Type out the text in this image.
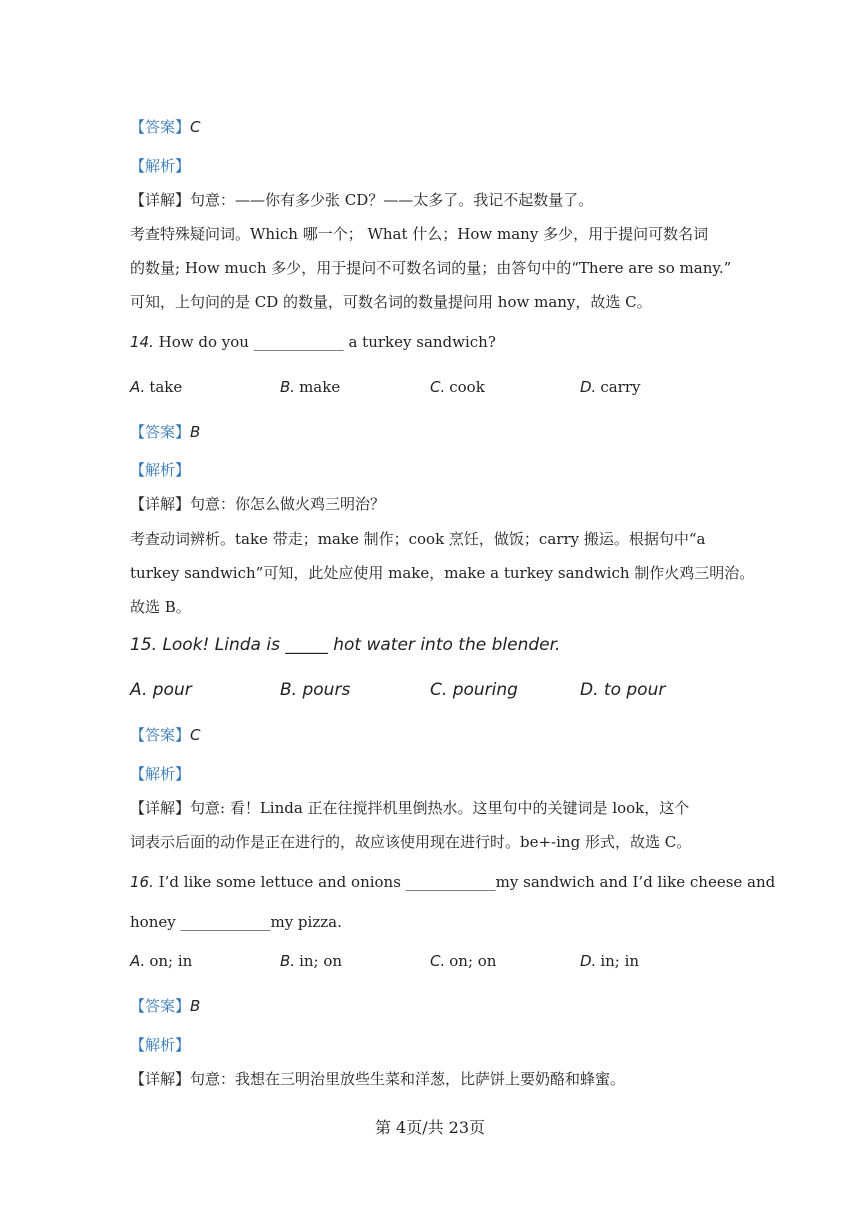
【答案】C
【解析】
【详解】句意：——你有多少张 CD？——太多了。我记不起数量了。
考查特殊疑问词。Which 哪一个； What 什么；How many 多少，用于提问可数名词
的数量; How much 多少，用于提问不可数名词的量；由答句中的“There are so many.”
可知，上句问的是 CD 的数量，可数名词的数量提问用 how many，故选 C。
14. How do you ____________ a turkey sandwich?
A. take	B. make	C. cook	D. carry
【答案】B
【解析】
【详解】句意：你怎么做火鸡三明治？
考查动词辨析。take 带走；make 制作；cook 烹饪，做饭；carry 搬运。根据句中“a
turkey sandwich”可知，此处应使用 make，make a turkey sandwich 制作火鸡三明治。
故选 B。
15. Look! Linda is _____ hot water into the blender.
A. pour	B. pours	C. pouring	D. to pour
【答案】C
【解析】
【详解】句意: 看！Linda 正在往搅拌机里倒热水。这里句中的关键词是 look，这个
词表示后面的动作是正在进行的，故应该使用现在进行时。be+-ing 形式，故选 C。
16. I’d like some lettuce and onions ____________my sandwich and I’d like cheese and
honey ____________my pizza.
A. on; in	B. in; on	C. on; on	D. in; in
【答案】B
【解析】
【详解】句意：我想在三明治里放些生菜和洋葱，比萨饼上要奶酪和蜂蜜。
第 4页/共 23页
